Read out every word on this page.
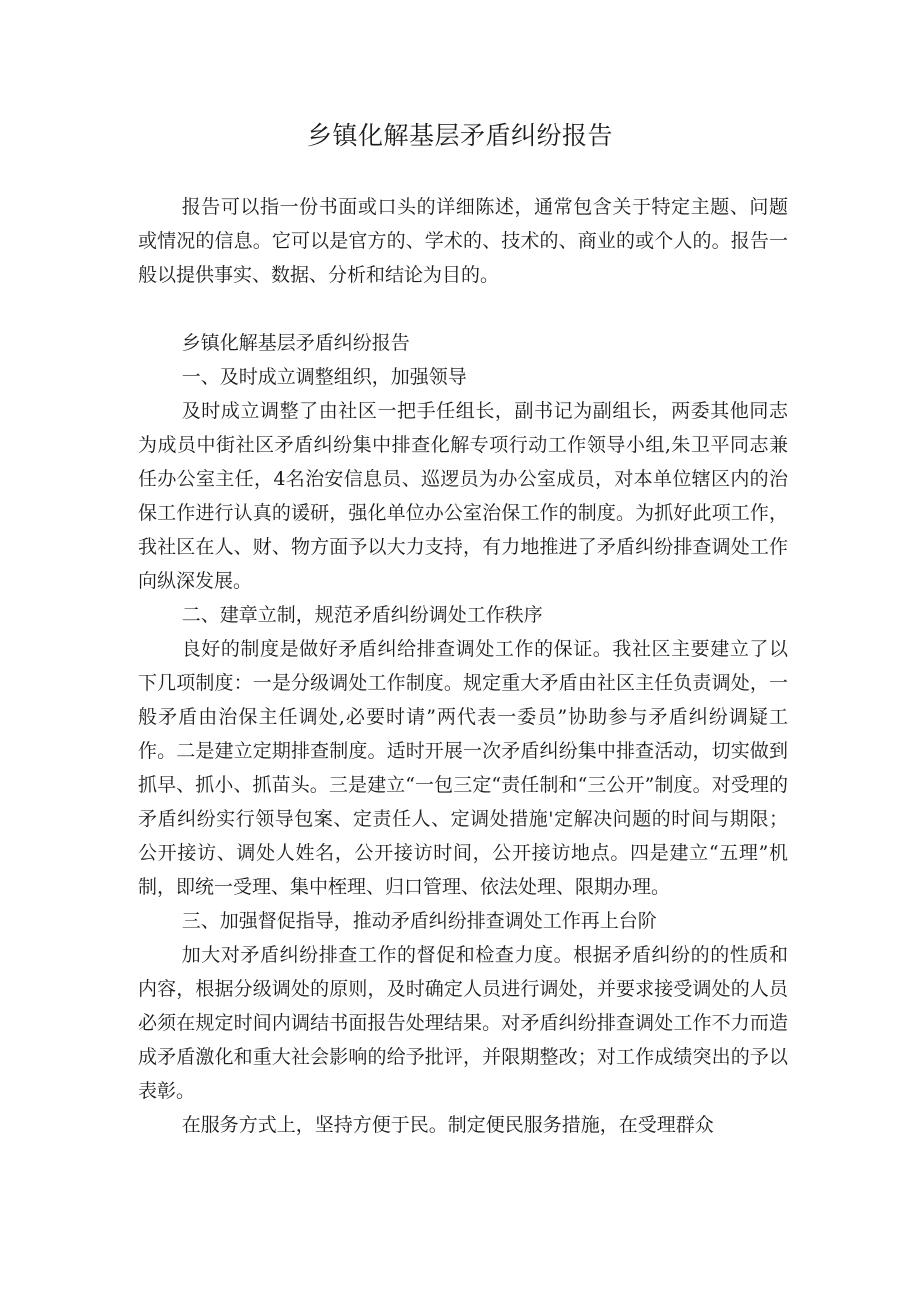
乡镇化解基层矛盾纠纷报告

报告可以指一份书面或口头的详细陈述，通常包含关于特定主题、问题或情况的信息。它可以是官方的、学术的、技术的、商业的或个人的。报告一般以提供事实、数据、分析和结论为目的。

乡镇化解基层矛盾纠纷报告

一、及时成立调整组织，加强领导

及时成立调整了由社区一把手任组长，副书记为副组长，两委其他同志为成员中街社区矛盾纠纷集中排查化解专项行动工作领导小组,朱卫平同志兼任办公室主任，4名治安信息员、巡逻员为办公室成员，对本单位辖区内的治保工作进行认真的谖研，强化单位办公室治保工作的制度。为抓好此项工作，我社区在人、财、物方面予以大力支持，有力地推进了矛盾纠纷排查调处工作向纵深发展。

二、建章立制，规范矛盾纠纷调处工作秩序

良好的制度是做好矛盾纠给排查调处工作的保证。我社区主要建立了以下几项制度：一是分级调处工作制度。规定重大矛盾由社区主任负责调处，一般矛盾由治保主任调处,必要时请”两代表一委员”协助参与矛盾纠纷调疑工作。二是建立定期排查制度。适时开展一次矛盾纠纷集中排查活动，切实做到抓早、抓小、抓苗头。三是建立“一包三定“责任制和“三公开”制度。对受理的矛盾纠纷实行领导包案、定责任人、定调处措施'定解决问题的时间与期限；公开接访、调处人姓名，公开接访时间，公开接访地点。四是建立“五理”机制，即统一受理、集中桎理、归口管理、依法处理、限期办理。

三、加强督促指导，推动矛盾纠纷排查调处工作再上台阶

加大对矛盾纠纷排查工作的督促和检查力度。根据矛盾纠纷的的性质和内容，根据分级调处的原则，及时确定人员进行调处，并要求接受调处的人员必须在规定时间内调结书面报告处理结果。对矛盾纠纷排查调处工作不力而造成矛盾激化和重大社会影响的给予批评，并限期整改；对工作成绩突出的予以表彰。

在服务方式上，坚持方便于民。制定便民服务措施，在受理群众
